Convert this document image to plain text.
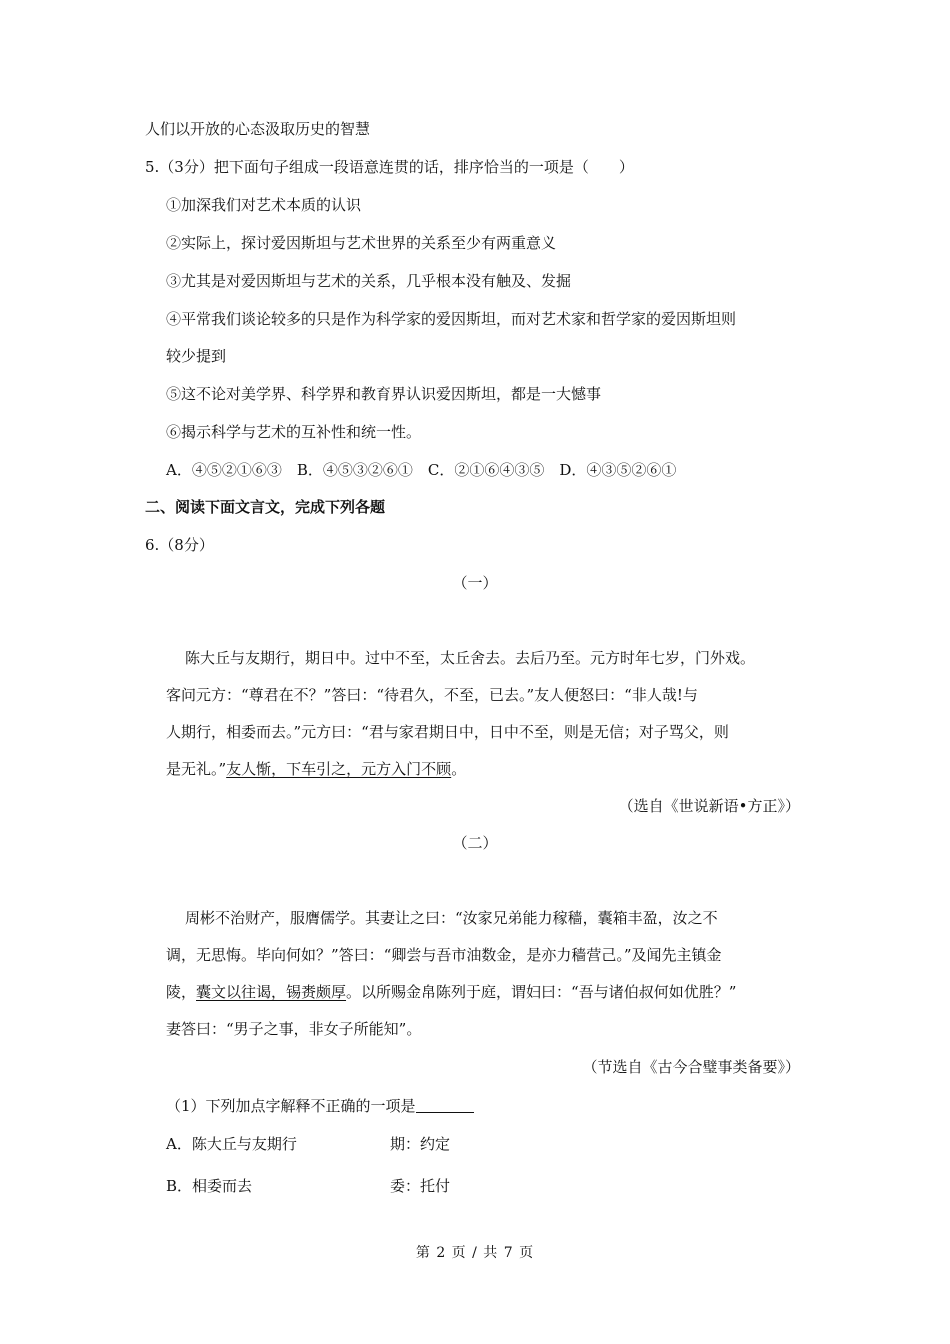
人们以开放的心态汲取历史的智慧
5.（3分）把下面句子组成一段语意连贯的话，排序恰当的一项是（　　）
①加深我们对艺术本质的认识
②实际上，探讨爱因斯坦与艺术世界的关系至少有两重意义
③尤其是对爱因斯坦与艺术的关系，几乎根本没有触及、发掘
④平常我们谈论较多的只是作为科学家的爱因斯坦，而对艺术家和哲学家的爱因斯坦则
较少提到
⑤这不论对美学界、科学界和教育界认识爱因斯坦，都是一大憾事
⑥揭示科学与艺术的互补性和统一性。
A．④⑤②①⑥③　B．④⑤③②⑥①　C．②①⑥④③⑤　D．④③⑤②⑥①
二、阅读下面文言文，完成下列各题
6.（8分）
（一）
陈大丘与友期行，期日中。过中不至，太丘舍去。去后乃至。元方时年七岁，门外戏。
客问元方：“尊君在不？”答曰：“待君久，不至，已去。”友人便怒曰：“非人哉!与
人期行，相委而去。”元方曰：“君与家君期日中，日中不至，则是无信；对子骂父，则
是无礼。”友人惭，下车引之，元方入门不顾。
（选自《世说新语•方正》）
（二）
周彬不治财产，服膺儒学。其妻让之曰：“汝家兄弟能力稼穑，囊箱丰盈，汝之不
调，无思悔。毕向何如？”答曰：“卿尝与吾市油数金，是亦力穑营己。”及闻先主镇金
陵，囊文以往谒，锡赉颇厚。以所赐金帛陈列于庭，谓妇曰：“吾与诸伯叔何如优胜？”
妻答曰：“男子之事，非女子所能知”。
（节选自《古今合璧事类备要》）
（1）下列加点字解释不正确的一项是
A．陈大丘与友期行	期：约定
B．相委而去	委：托付
第 2 页 / 共 7 页
